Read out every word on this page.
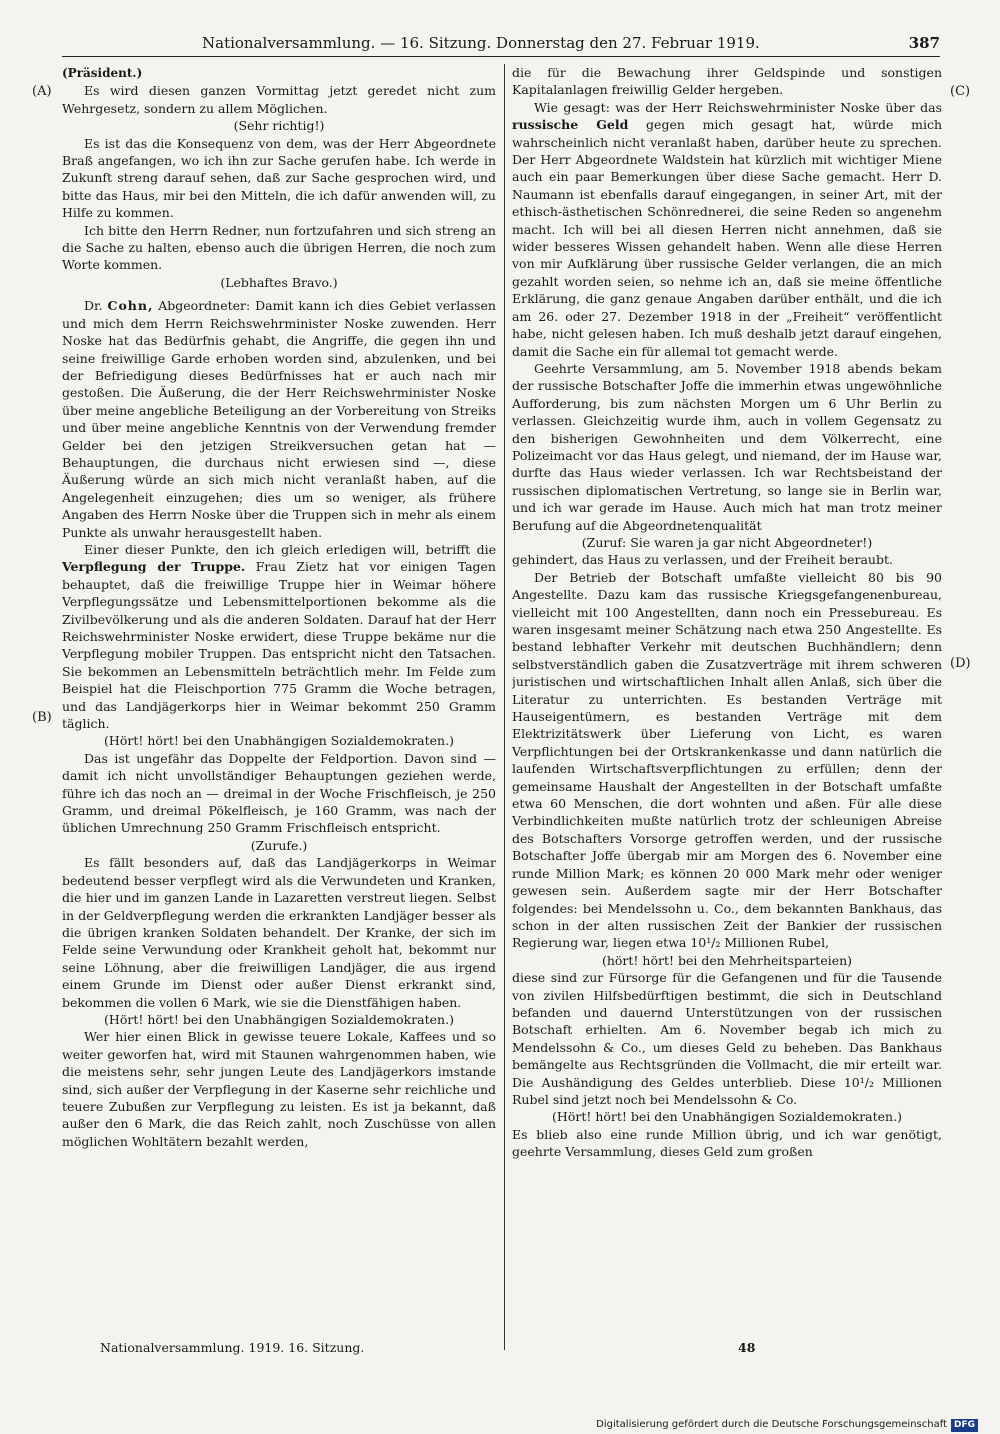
Nationalversammlung. — 16. Sitzung. Donnerstag den 27. Februar 1919.	387
(A)
(B)
(C)
(D)

(Präsident.)

Es wird diesen ganzen Vormittag jetzt geredet nicht zum Wehrgesetz, sondern zu allem Möglichen.

(Sehr richtig!)

Es ist das die Konsequenz von dem, was der Herr Abgeordnete Braß angefangen, wo ich ihn zur Sache gerufen habe. Ich werde in Zukunft streng darauf sehen, daß zur Sache gesprochen wird, und bitte das Haus, mir bei den Mitteln, die ich dafür anwenden will, zu Hilfe zu kommen.

Ich bitte den Herrn Redner, nun fortzufahren und sich streng an die Sache zu halten, ebenso auch die übrigen Herren, die noch zum Worte kommen.

(Lebhaftes Bravo.)

Dr. Cohn, Abgeordneter: Damit kann ich dies Gebiet verlassen und mich dem Herrn Reichswehrminister Noske zuwenden. Herr Noske hat das Bedürfnis gehabt, die Angriffe, die gegen ihn und seine freiwillige Garde erhoben worden sind, abzulenken, und bei der Befriedigung dieses Bedürfnisses hat er auch nach mir gestoßen. Die Äußerung, die der Herr Reichswehrminister Noske über meine angebliche Beteiligung an der Vorbereitung von Streiks und über meine angebliche Kenntnis von der Verwendung fremder Gelder bei den jetzigen Streikversuchen getan hat — Behauptungen, die durchaus nicht erwiesen sind —, diese Äußerung würde an sich mich nicht veranlaßt haben, auf die Angelegenheit einzugehen; dies um so weniger, als frühere Angaben des Herrn Noske über die Truppen sich in mehr als einem Punkte als unwahr herausgestellt haben.

Einer dieser Punkte, den ich gleich erledigen will, betrifft die Verpflegung der Truppe. Frau Zietz hat vor einigen Tagen behauptet, daß die freiwillige Truppe hier in Weimar höhere Verpflegungssätze und Lebensmittelportionen bekomme als die Zivilbevölkerung und als die anderen Soldaten. Darauf hat der Herr Reichswehrminister Noske erwidert, diese Truppe bekäme nur die Verpflegung mobiler Truppen. Das entspricht nicht den Tatsachen. Sie bekommen an Lebensmitteln beträchtlich mehr. Im Felde zum Beispiel hat die Fleischportion 775 Gramm die Woche betragen, und das Landjägerkorps hier in Weimar bekommt 250 Gramm täglich.

(Hört! hört! bei den Unabhängigen Sozialdemokraten.)

Das ist ungefähr das Doppelte der Feldportion. Davon sind — damit ich nicht unvollständiger Behauptungen geziehen werde, führe ich das noch an — dreimal in der Woche Frischfleisch, je 250 Gramm, und dreimal Pökelfleisch, je 160 Gramm, was nach der üblichen Umrechnung 250 Gramm Frischfleisch entspricht.

(Zurufe.)

Es fällt besonders auf, daß das Landjägerkorps in Weimar bedeutend besser verpflegt wird als die Verwundeten und Kranken, die hier und im ganzen Lande in Lazaretten verstreut liegen. Selbst in der Geldverpflegung werden die erkrankten Landjäger besser als die übrigen kranken Soldaten behandelt. Der Kranke, der sich im Felde seine Verwundung oder Krankheit geholt hat, bekommt nur seine Löhnung, aber die freiwilligen Landjäger, die aus irgend einem Grunde im Dienst oder außer Dienst erkrankt sind, bekommen die vollen 6 Mark, wie sie die Dienstfähigen haben.

(Hört! hört! bei den Unabhängigen Sozialdemokraten.)

Wer hier einen Blick in gewisse teuere Lokale, Kaffees und so weiter geworfen hat, wird mit Staunen wahrgenommen haben, wie die meistens sehr, sehr jungen Leute des Landjägerkors imstande sind, sich außer der Verpflegung in der Kaserne sehr reichliche und teuere Zubußen zur Verpflegung zu leisten. Es ist ja bekannt, daß außer den 6 Mark, die das Reich zahlt, noch Zuschüsse von allen möglichen Wohltätern bezahlt werden,

die für die Bewachung ihrer Geldspinde und sonstigen Kapitalanlagen freiwillig Gelder hergeben.

Wie gesagt: was der Herr Reichswehrminister Noske über das russische Geld gegen mich gesagt hat, würde mich wahrscheinlich nicht veranlaßt haben, darüber heute zu sprechen. Der Herr Abgeordnete Waldstein hat kürzlich mit wichtiger Miene auch ein paar Bemerkungen über diese Sache gemacht. Herr D. Naumann ist ebenfalls darauf eingegangen, in seiner Art, mit der ethisch-ästhetischen Schönrednerei, die seine Reden so angenehm macht. Ich will bei all diesen Herren nicht annehmen, daß sie wider besseres Wissen gehandelt haben. Wenn alle diese Herren von mir Aufklärung über russische Gelder verlangen, die an mich gezahlt worden seien, so nehme ich an, daß sie meine öffentliche Erklärung, die ganz genaue Angaben darüber enthält, und die ich am 26. oder 27. Dezember 1918 in der „Freiheit“ veröffentlicht habe, nicht gelesen haben. Ich muß deshalb jetzt darauf eingehen, damit die Sache ein für allemal tot gemacht werde.

Geehrte Versammlung, am 5. November 1918 abends bekam der russische Botschafter Joffe die immerhin etwas ungewöhnliche Aufforderung, bis zum nächsten Morgen um 6 Uhr Berlin zu verlassen. Gleichzeitig wurde ihm, auch in vollem Gegensatz zu den bisherigen Gewohnheiten und dem Völkerrecht, eine Polizeimacht vor das Haus gelegt, und niemand, der im Hause war, durfte das Haus wieder verlassen. Ich war Rechtsbeistand der russischen diplomatischen Vertretung, so lange sie in Berlin war, und ich war gerade im Hause. Auch mich hat man trotz meiner Berufung auf die Abgeordnetenqualität

(Zuruf: Sie waren ja gar nicht Abgeordneter!)

gehindert, das Haus zu verlassen, und der Freiheit beraubt.

Der Betrieb der Botschaft umfaßte vielleicht 80 bis 90 Angestellte. Dazu kam das russische Kriegsgefangenenbureau, vielleicht mit 100 Angestellten, dann noch ein Pressebureau. Es waren insgesamt meiner Schätzung nach etwa 250 Angestellte. Es bestand lebhafter Verkehr mit deutschen Buchhändlern; denn selbstverständlich gaben die Zusatzverträge mit ihrem schweren juristischen und wirtschaftlichen Inhalt allen Anlaß, sich über die Literatur zu unterrichten. Es bestanden Verträge mit Hauseigentümern, es bestanden Verträge mit dem Elektrizitätswerk über Lieferung von Licht, es waren Verpflichtungen bei der Ortskrankenkasse und dann natürlich die laufenden Wirtschaftsverpflichtungen zu erfüllen; denn der gemeinsame Haushalt der Angestellten in der Botschaft umfaßte etwa 60 Menschen, die dort wohnten und aßen. Für alle diese Verbindlichkeiten mußte natürlich trotz der schleunigen Abreise des Botschafters Vorsorge getroffen werden, und der russische Botschafter Joffe übergab mir am Morgen des 6. November eine runde Million Mark; es können 20 000 Mark mehr oder weniger gewesen sein. Außerdem sagte mir der Herr Botschafter folgendes: bei Mendelssohn u. Co., dem bekannten Bankhaus, das schon in der alten russischen Zeit der Bankier der russischen Regierung war, liegen etwa 10¹/₂ Millionen Rubel,

(hört! hört! bei den Mehrheitsparteien)

diese sind zur Fürsorge für die Gefangenen und für die Tausende von zivilen Hilfsbedürftigen bestimmt, die sich in Deutschland befanden und dauernd Unterstützungen von der russischen Botschaft erhielten. Am 6. November begab ich mich zu Mendelssohn & Co., um dieses Geld zu beheben. Das Bankhaus bemängelte aus Rechtsgründen die Vollmacht, die mir erteilt war. Die Aushändigung des Geldes unterblieb. Diese 10¹/₂ Millionen Rubel sind jetzt noch bei Mendelssohn & Co.

(Hört! hört! bei den Unabhängigen Sozialdemokraten.)

Es blieb also eine runde Million übrig, und ich war genötigt, geehrte Versammlung, dieses Geld zum großen

Nationalversammlung. 1919. 16. Sitzung.	48
Digitalisierung gefördert durch die Deutsche Forschungsgemeinschaft DFG
